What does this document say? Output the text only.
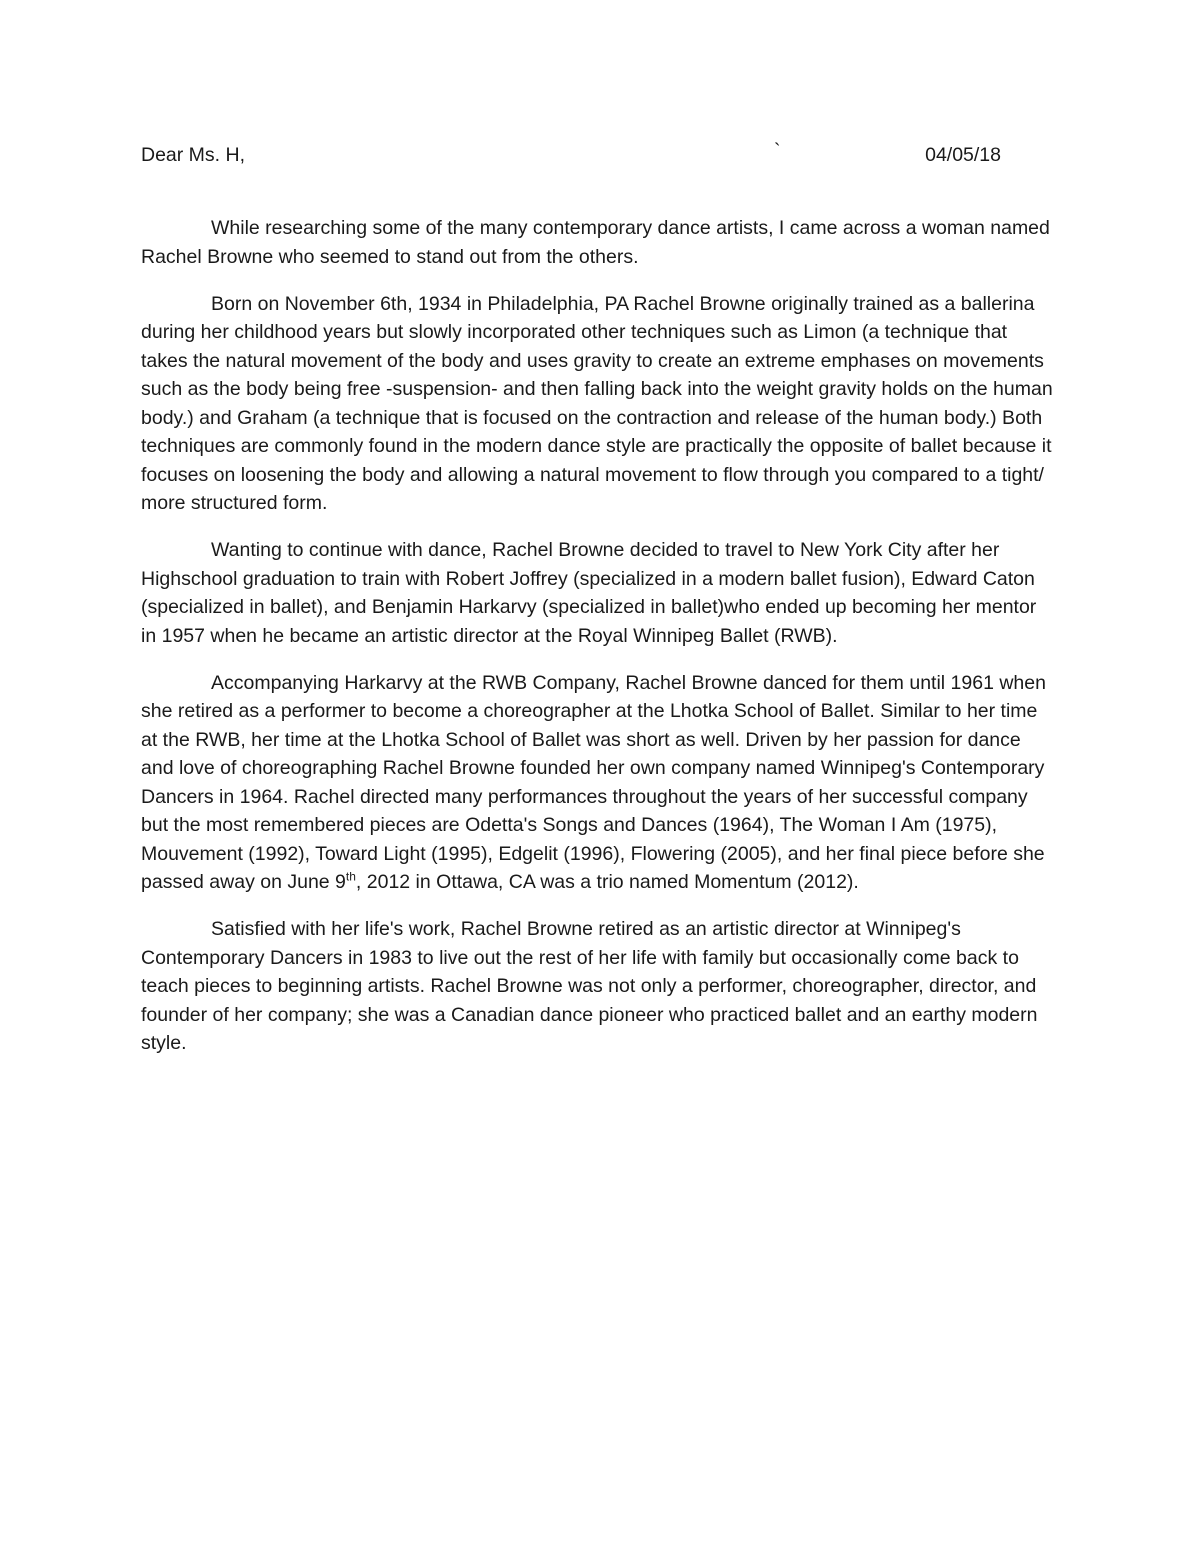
Dear Ms. H,	`	04/05/18

While researching some of the many contemporary dance artists, I came across a woman named Rachel Browne who seemed to stand out from the others.

Born on November 6th, 1934 in Philadelphia, PA Rachel Browne originally trained as a ballerina during her childhood years but slowly incorporated other techniques such as Limon (a technique that takes the natural movement of the body and uses gravity to create an extreme emphases on movements such as the body being free -suspension- and then falling back into the weight gravity holds on the human body.) and Graham (a technique that is focused on the contraction and release of the human body.) Both techniques are commonly found in the modern dance style are practically the opposite of ballet because it focuses on loosening the body and allowing a natural movement to flow through you compared to a tight/ more structured form.

Wanting to continue with dance, Rachel Browne decided to travel to New York City after her Highschool graduation to train with Robert Joffrey (specialized in a modern ballet fusion), Edward Caton (specialized in ballet), and Benjamin Harkarvy (specialized in ballet)who ended up becoming her mentor in 1957 when he became an artistic director at the Royal Winnipeg Ballet (RWB).

Accompanying Harkarvy at the RWB Company, Rachel Browne danced for them until 1961 when she retired as a performer to become a choreographer at the Lhotka School of Ballet. Similar to her time at the RWB, her time at the Lhotka School of Ballet was short as well. Driven by her passion for dance and love of choreographing Rachel Browne founded her own company named Winnipeg's Contemporary Dancers in 1964. Rachel directed many performances throughout the years of her successful company but the most remembered pieces are Odetta's Songs and Dances (1964), The Woman I Am (1975), Mouvement (1992), Toward Light (1995), Edgelit (1996), Flowering (2005), and her final piece before she passed away on June 9th, 2012 in Ottawa, CA was a trio named Momentum (2012).

Satisfied with her life's work, Rachel Browne retired as an artistic director at Winnipeg's Contemporary Dancers in 1983 to live out the rest of her life with family but occasionally come back to teach pieces to beginning artists. Rachel Browne was not only a performer, choreographer, director, and founder of her company; she was a Canadian dance pioneer who practiced ballet and an earthy modern style.
